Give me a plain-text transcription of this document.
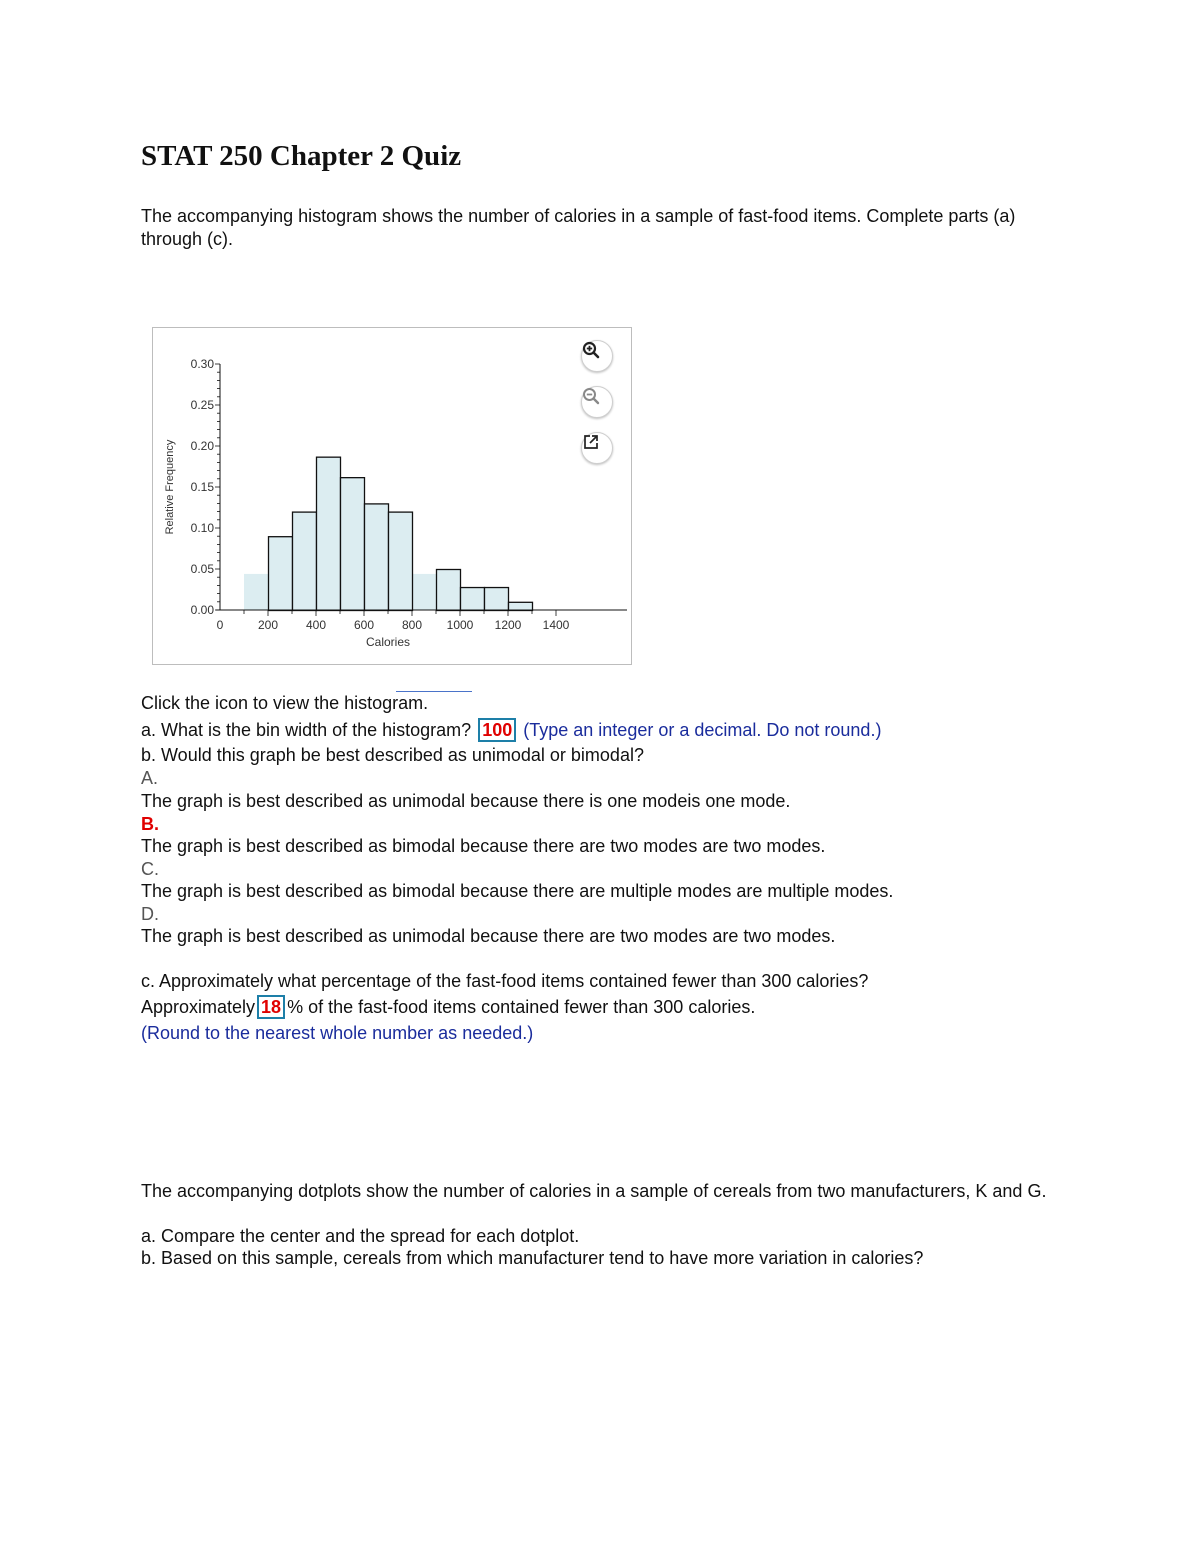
STAT 250 Chapter 2 Quiz
The accompanying histogram shows the number of calories in a sample of fast-food items. Complete parts (a) through (c).
0.00
0.05
0.10
0.15
0.20
0.25
0.30
0	200 400 600 800 1000 1200 1400
Calories
Relative Frequency
Click the icon to view the histogram.
a. What is the bin width of the histogram? 100 (Type an integer or a decimal. Do not round.)
b. Would this graph be best described as unimodal or bimodal?
A.
The graph is best described as unimodal because there is one modeis one mode.
B.
The graph is best described as bimodal because there are two modes are two modes.
C.
The graph is best described as bimodal because there are multiple modes are multiple modes.
D.
The graph is best described as unimodal because there are two modes are two modes.
c. Approximately what percentage of the fast-food items contained fewer than 300 calories?
Approximately 18 % of the fast-food items contained fewer than 300 calories.
(Round to the nearest whole number as needed.)
The accompanying dotplots show the number of calories in a sample of cereals from two manufacturers, K and G.
a. Compare the center and the spread for each dotplot.
b. Based on this sample, cereals from which manufacturer tend to have more variation in calories?
